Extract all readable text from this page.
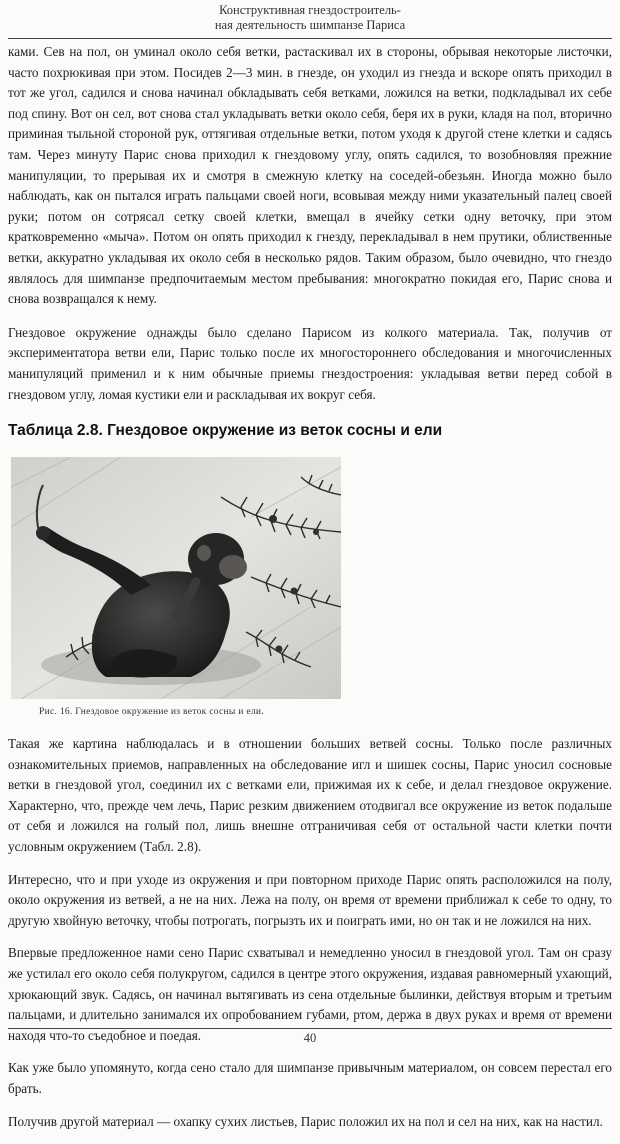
Конструктивная гнездостроитель-
ная деятельность шимпанзе Париса

ками. Сев на пол, он уминал около себя ветки, растаскивал их в стороны, обрывая некоторые листочки, часто похрюкивая при этом. Посидев 2—3 мин. в гнезде, он уходил из гнезда и вскоре опять приходил в тот же угол, садился и снова начинал обкладывать себя ветками, ложился на ветки, подкладывал их себе под спину. Вот он сел, вот снова стал укладывать ветки около себя, беря их в руки, кладя на пол, вторично приминая тыльной стороной рук, оттягивая отдельные ветки, потом уходя к другой стене клетки и садясь там. Через минуту Парис снова приходил к гнездовому углу, опять садился, то возобновляя прежние манипуляции, то прерывая их и смотря в смежную клетку на соседей-обезьян. Иногда можно было наблюдать, как он пытался играть пальцами своей ноги, всовывая между ними указательный палец своей руки; потом он сотрясал сетку своей клетки, вмещал в ячейку сетки одну веточку, при этом кратковременно «мыча». Потом он опять приходил к гнезду, перекладывал в нем прутики, облиственные ветки, аккуратно укладывая их около себя в несколько рядов. Таким образом, было очевидно, что гнездо являлось для шимпанзе предпочитаемым местом пребывания: многократно покидая его, Парис снова и снова возвращался к нему.

Гнездовое окружение однажды было сделано Парисом из колкого материала. Так, получив от экспериментатора ветви ели, Парис только после их многостороннего обследования и многочисленных манипуляций применил и к ним обычные приемы гнездостроения: укладывая ветви перед собой в гнездовом углу, ломая кустики ели и раскладывая их вокруг себя.

Таблица 2.8. Гнездовое окружение из веток сосны и ели
Рис. 16. Гнездовое окружение из веток сосны и ели.

Такая же картина наблюдалась и в отношении больших ветвей сосны. Только после различных ознакомительных приемов, направленных на обследование игл и шишек сосны, Парис уносил сосновые ветки в гнездовой угол, соединил их с ветками ели, прижимая их к себе, и делал гнездовое окружение. Характерно, что, прежде чем лечь, Парис резким движением отодвигал все окружение из веток подальше от себя и ложился на голый пол, лишь внешне отграничивая себя от остальной части клетки почти условным окружением (Табл. 2.8).

Интересно, что и при уходе из окружения и при повторном приходе Парис опять расположился на полу, около окружения из ветвей, а не на них. Лежа на полу, он время от времени приближал к себе то одну, то другую хвойную веточку, чтобы потрогать, погрызть их и поиграть ими, но он так и не ложился на них.

Впервые предложенное нами сено Парис схватывал и немедленно уносил в гнездовой угол. Там он сразу же устилал его около себя полукругом, садился в центре этого окружения, издавая равномерный ухающий, хрюкающий звук. Садясь, он начинал вытягивать из сена отдельные былинки, действуя вторым и третьим пальцами, и длительно занимался их опробованием губами, ртом, держа в двух руках и время от времени находя что-то съедобное и поедая.

Как уже было упомянуто, когда сено стало для шимпанзе привычным материалом, он совсем перестал его брать.

Получив другой материал — охапку сухих листьев, Парис положил их на пол и сел на них, как на настил.

40
